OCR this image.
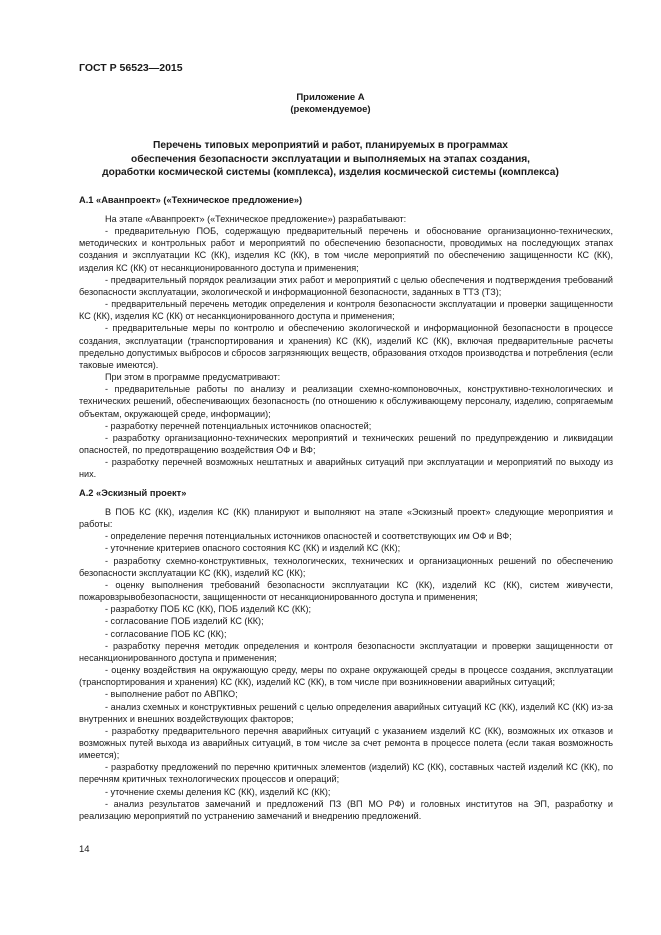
ГОСТ Р 56523—2015
Приложение А
(рекомендуемое)
Перечень типовых мероприятий и работ, планируемых в программах
обеспечения безопасности эксплуатации и выполняемых на этапах создания,
доработки космической системы (комплекса), изделия космической системы (комплекса)
А.1 «Аванпроект» («Техническое предложение»)

На этапе «Аванпроект» («Техническое предложение») разрабатывают:

- предварительную ПОБ, содержащую предварительный перечень и обоснование организационно-технических, методических и контрольных работ и мероприятий по обеспечению безопасности, проводимых на последующих этапах создания и эксплуатации КС (КК), изделия КС (КК), в том числе мероприятий по обеспечению защищенности КС (КК), изделия КС (КК) от несанкционированного доступа и применения;

- предварительный порядок реализации этих работ и мероприятий с целью обеспечения и подтверждения требований безопасности эксплуатации, экологической и информационной безопасности, заданных в ТТЗ (ТЗ);

- предварительный перечень методик определения и контроля безопасности эксплуатации и проверки защищенности КС (КК), изделия КС (КК) от несанкционированного доступа и применения;

- предварительные меры по контролю и обеспечению экологической и информационной безопасности в процессе создания, эксплуатации (транспортирования и хранения) КС (КК), изделий КС (КК), включая предварительные расчеты предельно допустимых выбросов и сбросов загрязняющих веществ, образования отходов производства и потребления (если таковые имеются).

При этом в программе предусматривают:

- предварительные работы по анализу и реализации схемно-компоновочных, конструктивно-технологических и технических решений, обеспечивающих безопасность (по отношению к обслуживающему персоналу, изделию, сопрягаемым объектам, окружающей среде, информации);

- разработку перечней потенциальных источников опасностей;

- разработку организационно-технических мероприятий и технических решений по предупреждению и ликвидации опасностей, по предотвращению воздействия ОФ и ВФ;

- разработку перечней возможных нештатных и аварийных ситуаций при эксплуатации и мероприятий по выходу из них.

А.2 «Эскизный проект»

В ПОБ КС (КК), изделия КС (КК) планируют и выполняют на этапе «Эскизный проект» следующие мероприятия и работы:

- определение перечня потенциальных источников опасностей и соответствующих им ОФ и ВФ;

- уточнение критериев опасного состояния КС (КК) и изделий КС (КК);

- разработку схемно-конструктивных, технологических, технических и организационных решений по обеспечению безопасности эксплуатации КС (КК), изделий КС (КК);

- оценку выполнения требований безопасности эксплуатации КС (КК), изделий КС (КК), систем живучести, пожаровзрывобезопасности, защищенности от несанкционированного доступа и применения;

- разработку ПОБ КС (КК), ПОБ изделий КС (КК);

- согласование ПОБ изделий КС (КК);

- согласование ПОБ КС (КК);

- разработку перечня методик определения и контроля безопасности эксплуатации и проверки защищенности от несанкционированного доступа и применения;

- оценку воздействия на окружающую среду, меры по охране окружающей среды в процессе создания, эксплуатации (транспортирования и хранения) КС (КК), изделий КС (КК), в том числе при возникновении аварийных ситуаций;

- выполнение работ по АВПКО;

- анализ схемных и конструктивных решений с целью определения аварийных ситуаций КС (КК), изделий КС (КК) из-за внутренних и внешних воздействующих факторов;

- разработку предварительного перечня аварийных ситуаций с указанием изделий КС (КК), возможных их отказов и возможных путей выхода из аварийных ситуаций, в том числе за счет ремонта в процессе полета (если такая возможность имеется);

- разработку предложений по перечню критичных элементов (изделий) КС (КК), составных частей изделий КС (КК), по перечням критичных технологических процессов и операций;

- уточнение схемы деления КС (КК), изделий КС (КК);

- анализ результатов замечаний и предложений ПЗ (ВП МО РФ) и головных институтов на ЭП, разработку и реализацию мероприятий по устранению замечаний и внедрению предложений.

14
